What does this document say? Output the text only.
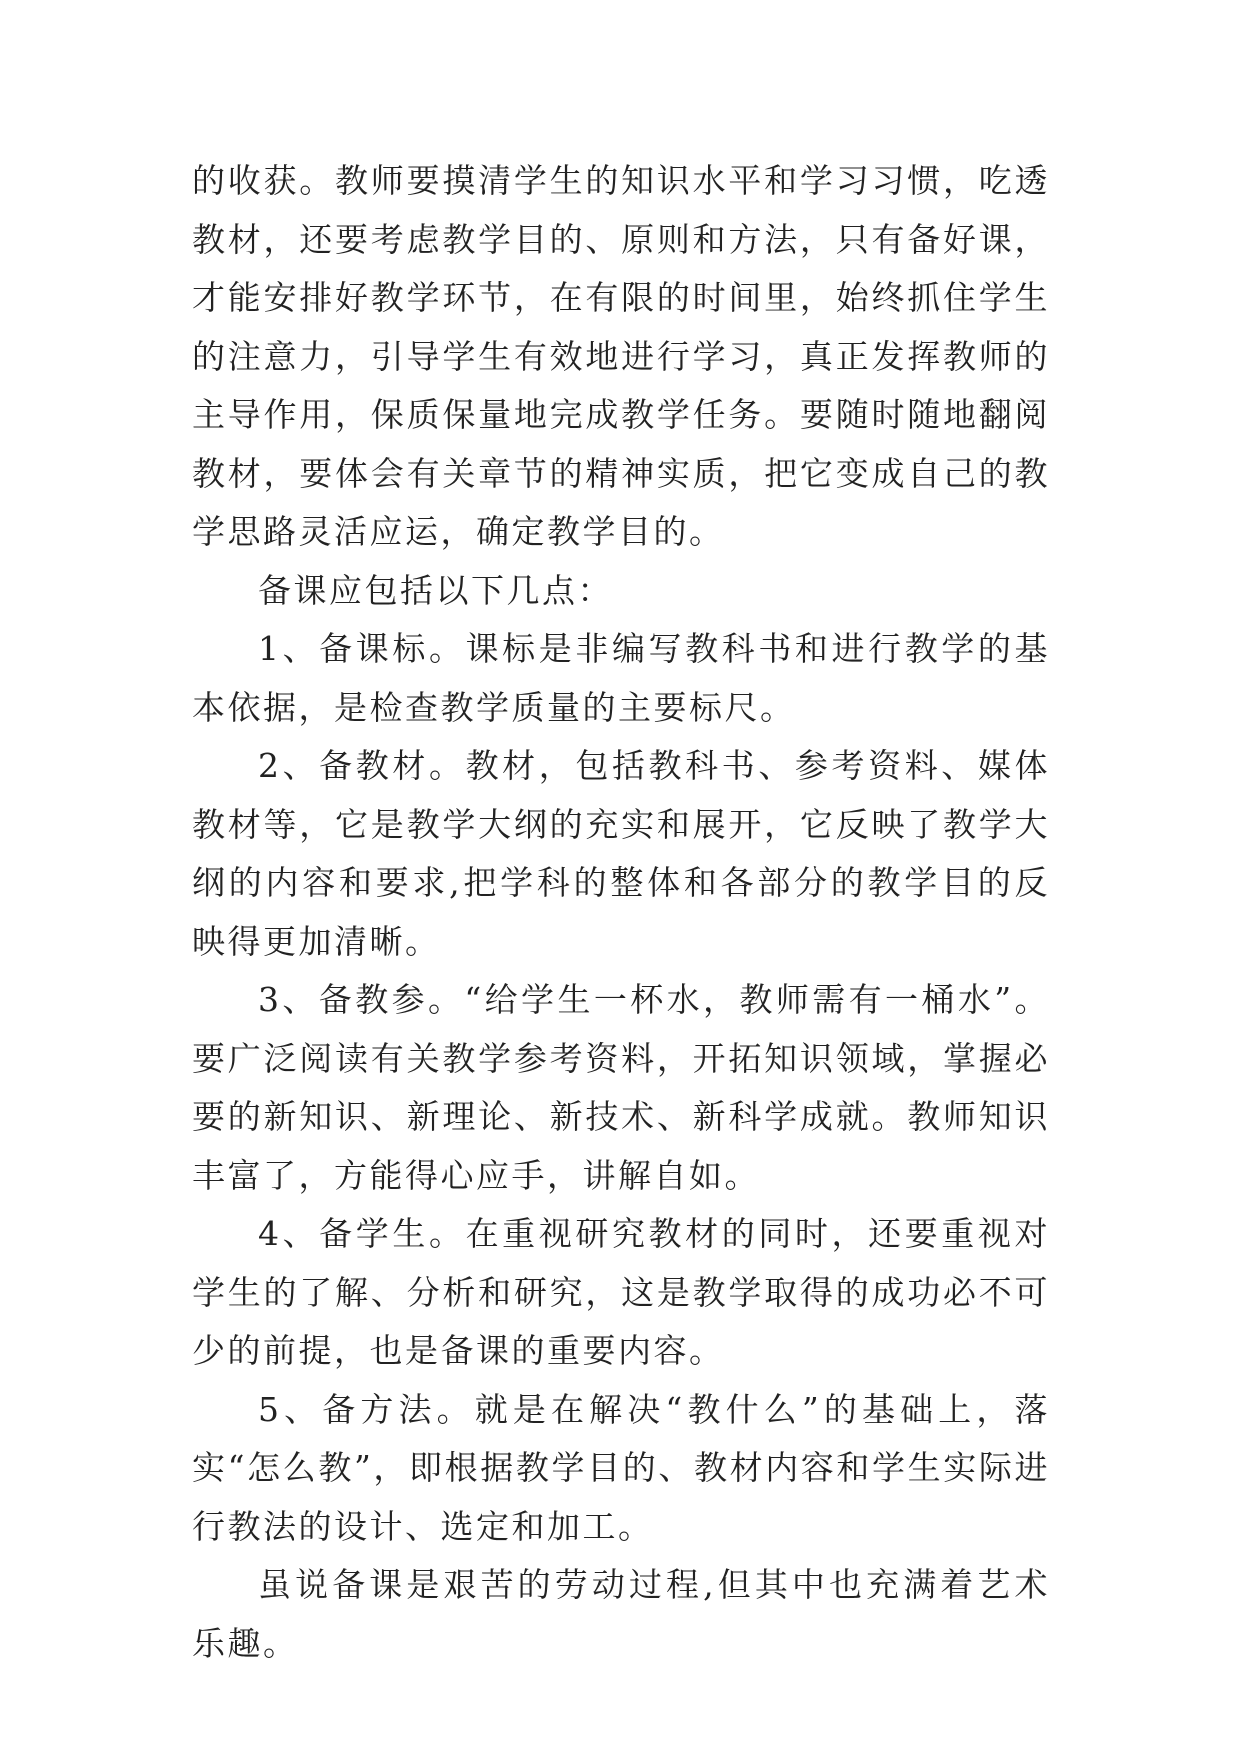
的收获。教师要摸清学生的知识水平和学习习惯，吃透教材，还要考虑教学目的、原则和方法，只有备好课，才能安排好教学环节，在有限的时间里，始终抓住学生的注意力，引导学生有效地进行学习，真正发挥教师的主导作用，保质保量地完成教学任务。要随时随地翻阅教材，要体会有关章节的精神实质，把它变成自己的教学思路灵活应运，确定教学目的。

备课应包括以下几点：

1、备课标。课标是非编写教科书和进行教学的基本依据，是检查教学质量的主要标尺。

2、备教材。教材，包括教科书、参考资料、媒体教材等，它是教学大纲的充实和展开，它反映了教学大纲的内容和要求,把学科的整体和各部分的教学目的反映得更加清晰。

3、备教参。“给学生一杯水，教师需有一桶水”。要广泛阅读有关教学参考资料，开拓知识领域，掌握必要的新知识、新理论、新技术、新科学成就。教师知识丰富了，方能得心应手，讲解自如。

4、备学生。在重视研究教材的同时，还要重视对学生的了解、分析和研究，这是教学取得的成功必不可少的前提，也是备课的重要内容。

5、备方法。就是在解决“教什么”的基础上，落实“怎么教”，即根据教学目的、教材内容和学生实际进行教法的设计、选定和加工。

虽说备课是艰苦的劳动过程,但其中也充满着艺术乐趣。
